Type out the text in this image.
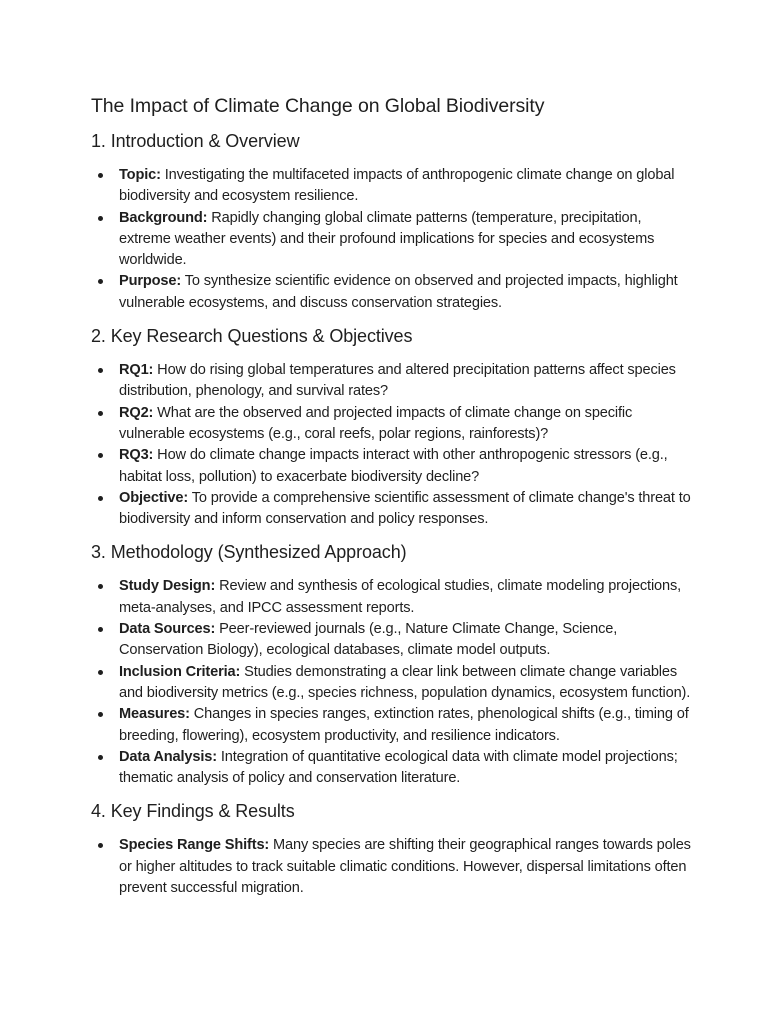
The Impact of Climate Change on Global Biodiversity
1. Introduction & Overview
Topic: Investigating the multifaceted impacts of anthropogenic climate change on global biodiversity and ecosystem resilience.
Background: Rapidly changing global climate patterns (temperature, precipitation, extreme weather events) and their profound implications for species and ecosystems worldwide.
Purpose: To synthesize scientific evidence on observed and projected impacts, highlight vulnerable ecosystems, and discuss conservation strategies.
2. Key Research Questions & Objectives
RQ1: How do rising global temperatures and altered precipitation patterns affect species distribution, phenology, and survival rates?
RQ2: What are the observed and projected impacts of climate change on specific vulnerable ecosystems (e.g., coral reefs, polar regions, rainforests)?
RQ3: How do climate change impacts interact with other anthropogenic stressors (e.g., habitat loss, pollution) to exacerbate biodiversity decline?
Objective: To provide a comprehensive scientific assessment of climate change's threat to biodiversity and inform conservation and policy responses.
3. Methodology (Synthesized Approach)
Study Design: Review and synthesis of ecological studies, climate modeling projections, meta-analyses, and IPCC assessment reports.
Data Sources: Peer-reviewed journals (e.g., Nature Climate Change, Science, Conservation Biology), ecological databases, climate model outputs.
Inclusion Criteria: Studies demonstrating a clear link between climate change variables and biodiversity metrics (e.g., species richness, population dynamics, ecosystem function).
Measures: Changes in species ranges, extinction rates, phenological shifts (e.g., timing of breeding, flowering), ecosystem productivity, and resilience indicators.
Data Analysis: Integration of quantitative ecological data with climate model projections; thematic analysis of policy and conservation literature.
4. Key Findings & Results
Species Range Shifts: Many species are shifting their geographical ranges towards poles or higher altitudes to track suitable climatic conditions. However, dispersal limitations often prevent successful migration.
